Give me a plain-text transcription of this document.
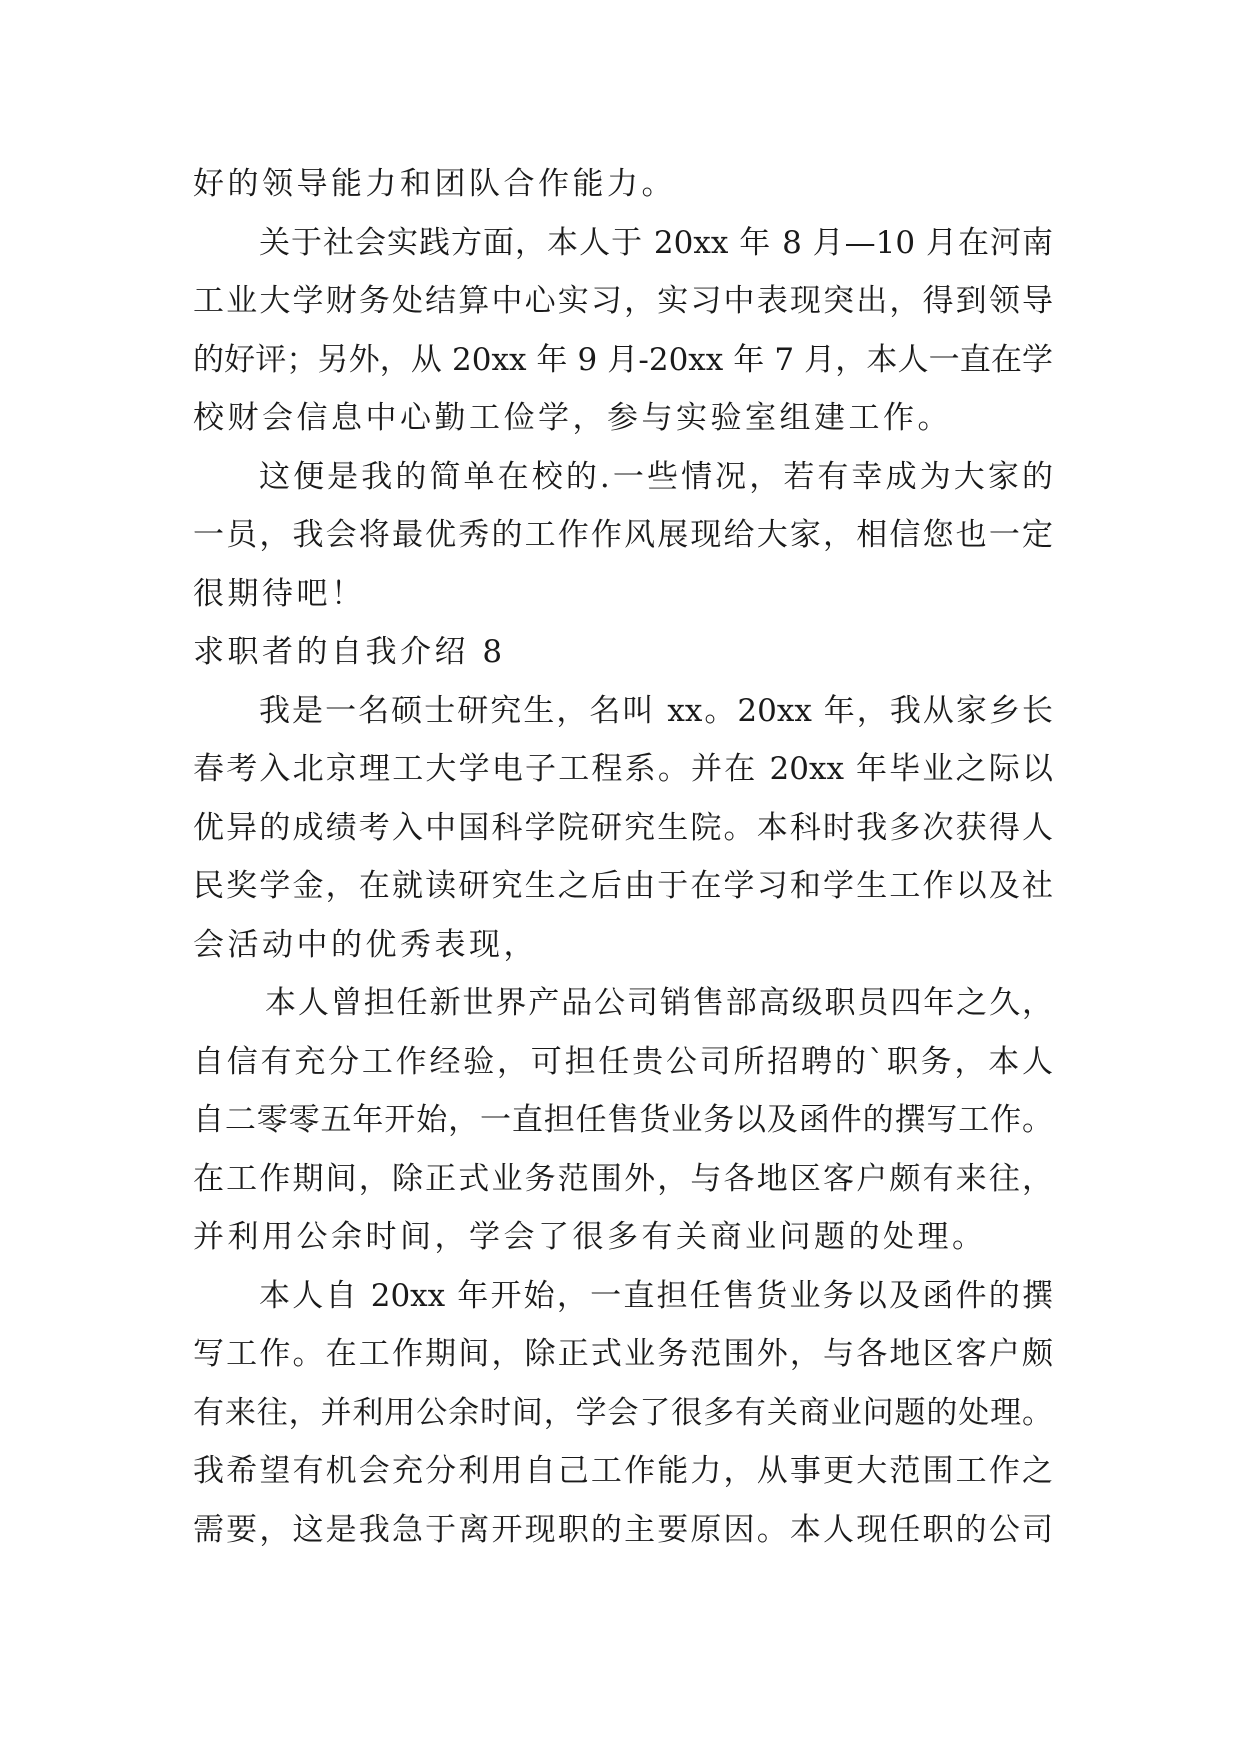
好的领导能力和团队合作能力。
关于社会实践方面，本人于 20xx 年 8 月—10 月在河南
工业大学财务处结算中心实习，实习中表现突出，得到领导
的好评；另外，从 20xx 年 9 月-20xx 年 7 月，本人一直在学
校财会信息中心勤工俭学，参与实验室组建工作。
这便是我的简单在校的.一些情况，若有幸成为大家的
一员，我会将最优秀的工作作风展现给大家，相信您也一定
很期待吧！
求职者的自我介绍 8
我是一名硕士研究生，名叫 xx。20xx 年，我从家乡长
春考入北京理工大学电子工程系。并在 20xx 年毕业之际以
优异的成绩考入中国科学院研究生院。本科时我多次获得人
民奖学金，在就读研究生之后由于在学习和学生工作以及社
会活动中的优秀表现，
本人曾担任新世界产品公司销售部高级职员四年之久，
自信有充分工作经验，可担任贵公司所招聘的`职务，本人
自二零零五年开始，一直担任售货业务以及函件的撰写工作。
在工作期间，除正式业务范围外，与各地区客户颇有来往，
并利用公余时间，学会了很多有关商业问题的处理。
本人自 20xx 年开始，一直担任售货业务以及函件的撰
写工作。在工作期间，除正式业务范围外，与各地区客户颇
有来往，并利用公余时间，学会了很多有关商业问题的处理。
我希望有机会充分利用自己工作能力，从事更大范围工作之
需要，这是我急于离开现职的主要原因。本人现任职的公司
